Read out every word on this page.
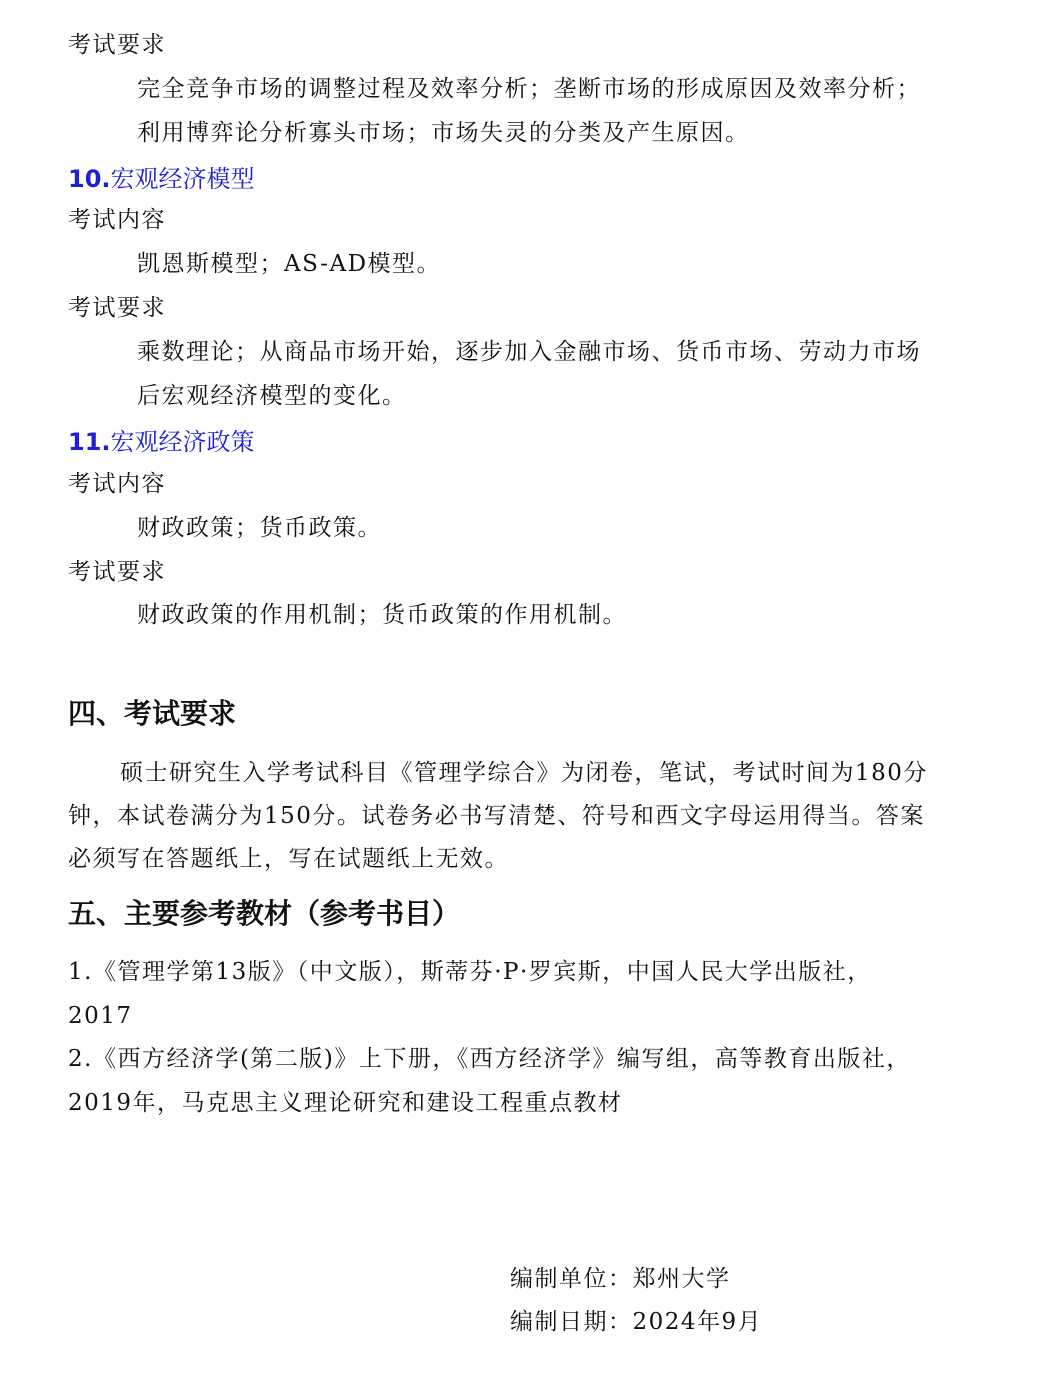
考试要求
完全竞争市场的调整过程及效率分析；垄断市场的形成原因及效率分析；
利用博弈论分析寡头市场；市场失灵的分类及产生原因。
10.宏观经济模型
考试内容
凯恩斯模型；AS-AD模型。
考试要求
乘数理论；从商品市场开始，逐步加入金融市场、货币市场、劳动力市场
后宏观经济模型的变化。
11.宏观经济政策
考试内容
财政政策；货币政策。
考试要求
财政政策的作用机制；货币政策的作用机制。
四、考试要求
硕士研究生入学考试科目《管理学综合》为闭卷，笔试，考试时间为180分
钟，本试卷满分为150分。试卷务必书写清楚、符号和西文字母运用得当。答案
必须写在答题纸上，写在试题纸上无效。
五、主要参考教材（参考书目）
1.《管理学第13版》（中文版），斯蒂芬·P·罗宾斯，中国人民大学出版社，
2017
2.《西方经济学(第二版)》上下册，《西方经济学》编写组，高等教育出版社，
2019年，马克思主义理论研究和建设工程重点教材
编制单位：郑州大学
编制日期：2024年9月
